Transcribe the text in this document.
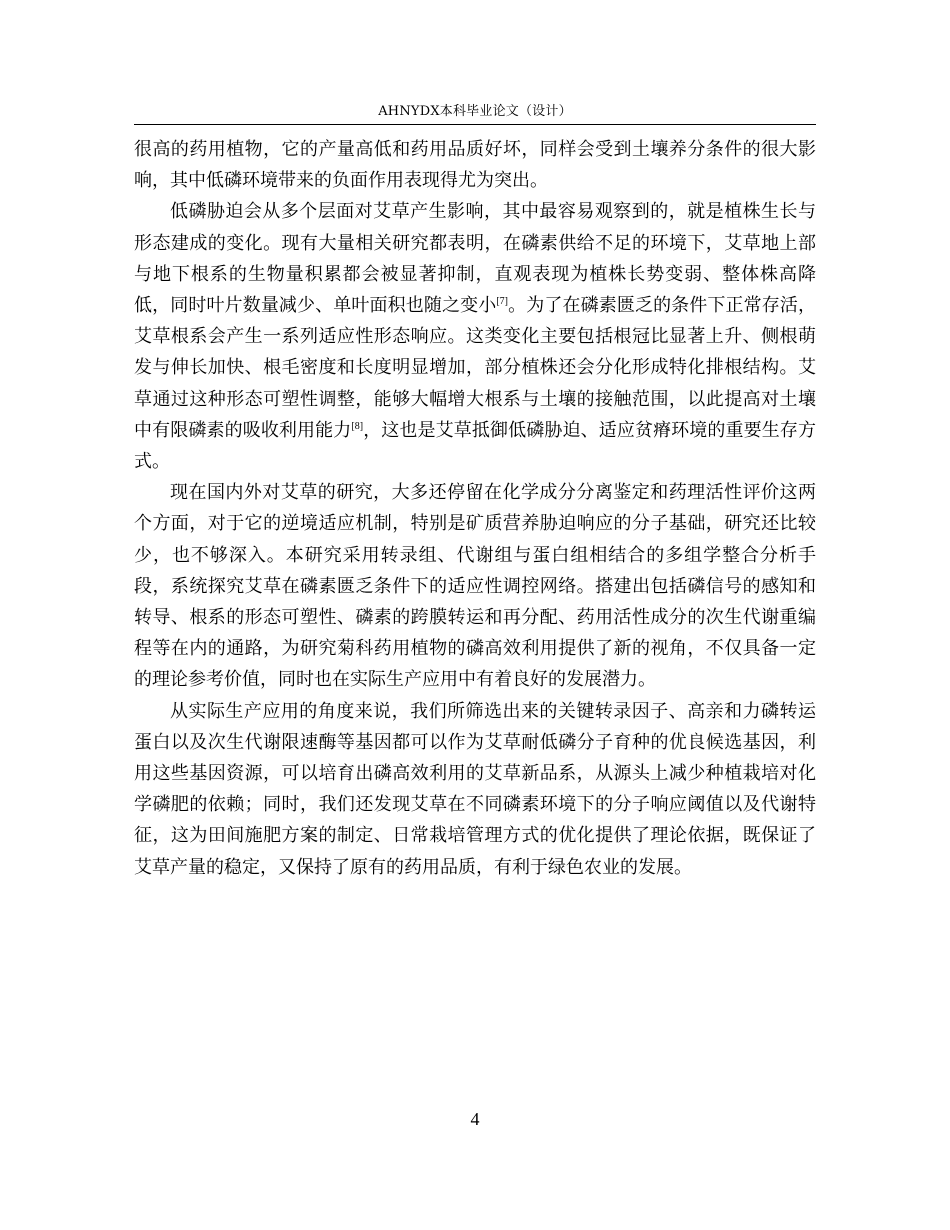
AHNYDX本科毕业论文（设计）

很高的药用植物，它的产量高低和药用品质好坏，同样会受到土壤养分条件的很大影响，其中低磷环境带来的负面作用表现得尤为突出。

低磷胁迫会从多个层面对艾草产生影响，其中最容易观察到的，就是植株生长与形态建成的变化。现有大量相关研究都表明，在磷素供给不足的环境下，艾草地上部与地下根系的生物量积累都会被显著抑制，直观表现为植株长势变弱、整体株高降低，同时叶片数量减少、单叶面积也随之变小[7]。为了在磷素匮乏的条件下正常存活，艾草根系会产生一系列适应性形态响应。这类变化主要包括根冠比显著上升、侧根萌发与伸长加快、根毛密度和长度明显增加，部分植株还会分化形成特化排根结构。艾草通过这种形态可塑性调整，能够大幅增大根系与土壤的接触范围，以此提高对土壤中有限磷素的吸收利用能力[8]，这也是艾草抵御低磷胁迫、适应贫瘠环境的重要生存方式。

现在国内外对艾草的研究，大多还停留在化学成分分离鉴定和药理活性评价这两个方面，对于它的逆境适应机制，特别是矿质营养胁迫响应的分子基础，研究还比较少，也不够深入。本研究采用转录组、代谢组与蛋白组相结合的多组学整合分析手段，系统探究艾草在磷素匮乏条件下的适应性调控网络。搭建出包括磷信号的感知和转导、根系的形态可塑性、磷素的跨膜转运和再分配、药用活性成分的次生代谢重编程等在内的通路，为研究菊科药用植物的磷高效利用提供了新的视角，不仅具备一定的理论参考价值，同时也在实际生产应用中有着良好的发展潜力。

从实际生产应用的角度来说，我们所筛选出来的关键转录因子、高亲和力磷转运蛋白以及次生代谢限速酶等基因都可以作为艾草耐低磷分子育种的优良候选基因，利用这些基因资源，可以培育出磷高效利用的艾草新品系，从源头上减少种植栽培对化学磷肥的依赖；同时，我们还发现艾草在不同磷素环境下的分子响应阈值以及代谢特征，这为田间施肥方案的制定、日常栽培管理方式的优化提供了理论依据，既保证了艾草产量的稳定，又保持了原有的药用品质，有利于绿色农业的发展。

4
